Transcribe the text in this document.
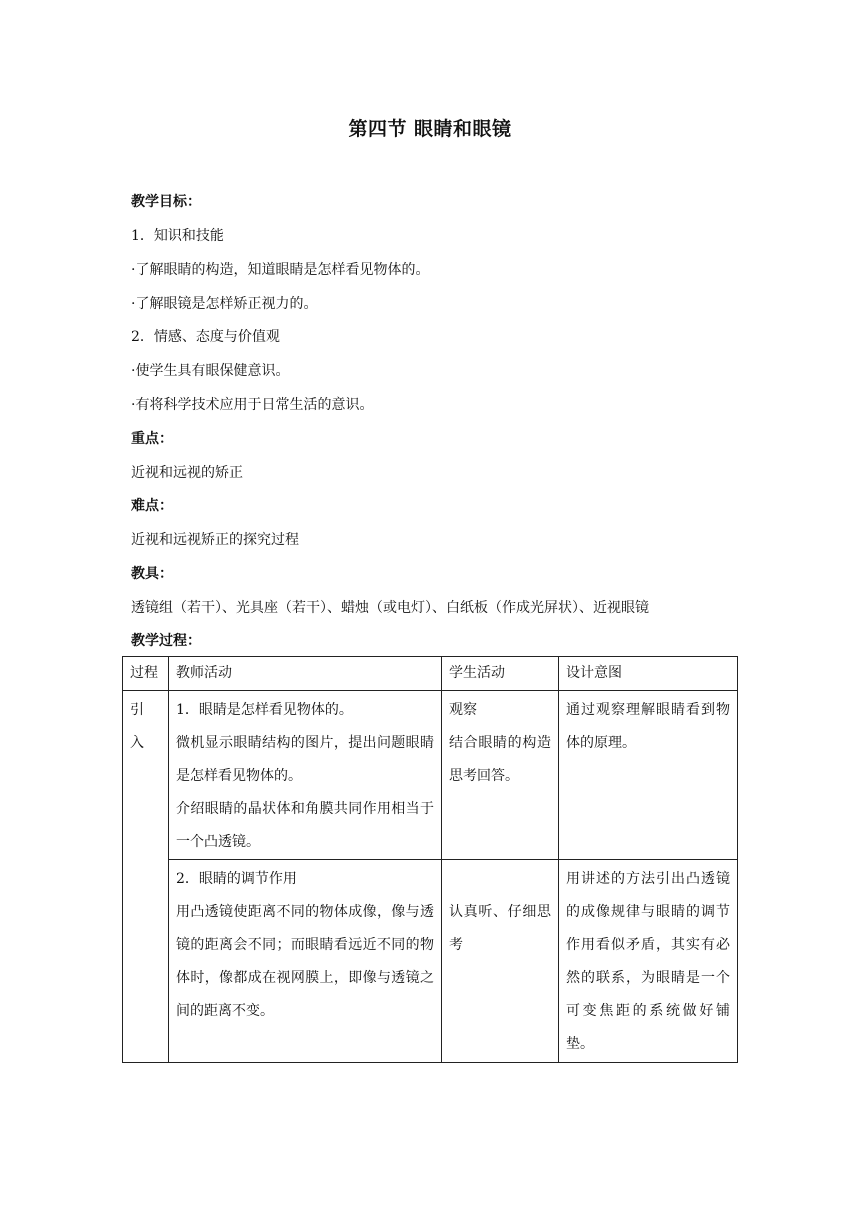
第四节 眼睛和眼镜
教学目标：
1．知识和技能
·了解眼睛的构造，知道眼睛是怎样看见物体的。
·了解眼镜是怎样矫正视力的。
2．情感、态度与价值观
·使学生具有眼保健意识。
·有将科学技术应用于日常生活的意识。
重点：
近视和远视的矫正
难点：
近视和远视矫正的探究过程
教具：
透镜组（若干）、光具座（若干）、蜡烛（或电灯）、白纸板（作成光屏状）、近视眼镜
教学过程：
过程	教师活动	学生活动	设计意图

引
入	1．眼睛是怎样看见物体的。
微机显示眼睛结构的图片，提出问题眼睛是怎样看见物体的。
介绍眼睛的晶状体和角膜共同作用相当于一个凸透镜。	观察
结合眼睛的构造思考回答。	通过观察理解眼睛看到物体的原理。

	2．眼睛的调节作用
用凸透镜使距离不同的物体成像，像与透镜的距离会不同；而眼睛看远近不同的物体时，像都成在视网膜上，即像与透镜之间的距离不变。	认真听、仔细思考	用讲述的方法引出凸透镜的成像规律与眼睛的调节作用看似矛盾，其实有必然的联系，为眼睛是一个可变焦距的系统做好铺垫。
